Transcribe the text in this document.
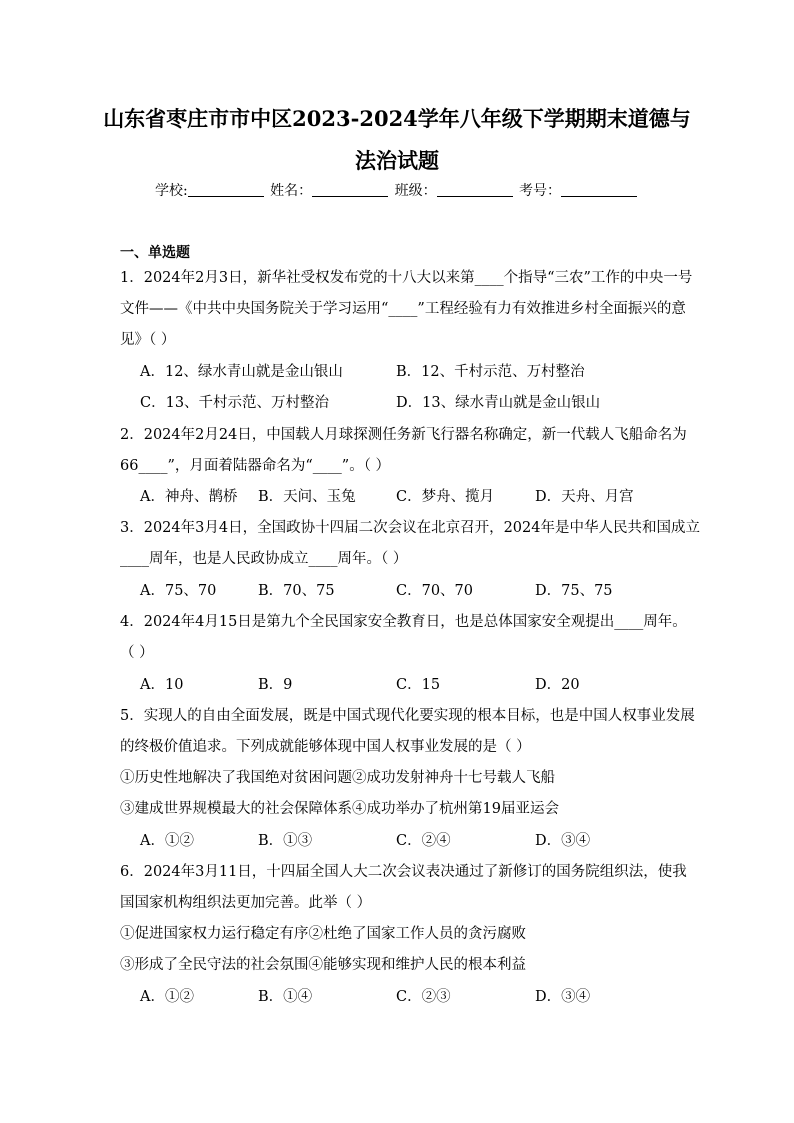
山东省枣庄市市中区2023-2024学年八年级下学期期末道德与
法治试题
学校:	姓名：	班级：	考号：
一、单选题
1．2024年2月3日，新华社受权发布党的十八大以来第____个指导“三农”工作的中央一号
文件——《中共中央国务院关于学习运用“____”工程经验有力有效推进乡村全面振兴的意
见》（ ）
A．12、绿水青山就是金山银山	B．12、千村示范、万村整治
C．13、千村示范、万村整治	D．13、绿水青山就是金山银山
2．2024年2月24日，中国载人月球探测任务新飞行器名称确定，新一代载人飞船命名为
66____”，月面着陆器命名为“____”。（ ）
A．神舟、鹊桥 B．天问、玉兔	C．梦舟、揽月	D．天舟、月宫
3．2024年3月4日，全国政协十四届二次会议在北京召开，2024年是中华人民共和国成立
____周年，也是人民政协成立____周年。（ ）
A．75、70	B．70、75	C．70、70	D．75、75
4．2024年4月15日是第九个全民国家安全教育日，也是总体国家安全观提出____周年。
（ ）
A．10	B．9	C．15	D．20
5．实现人的自由全面发展，既是中国式现代化要实现的根本目标，也是中国人权事业发展
的终极价值追求。下列成就能够体现中国人权事业发展的是（ ）
①历史性地解决了我国绝对贫困问题②成功发射神舟十七号载人飞船
③建成世界规模最大的社会保障体系④成功举办了杭州第19届亚运会
A．①②	B．①③	C．②④	D．③④
6．2024年3月11日，十四届全国人大二次会议表决通过了新修订的国务院组织法，使我
国国家机构组织法更加完善。此举（ ）
①促进国家权力运行稳定有序②杜绝了国家工作人员的贪污腐败
③形成了全民守法的社会氛围④能够实现和维护人民的根本利益
A．①②	B．①④	C．②③	D．③④
